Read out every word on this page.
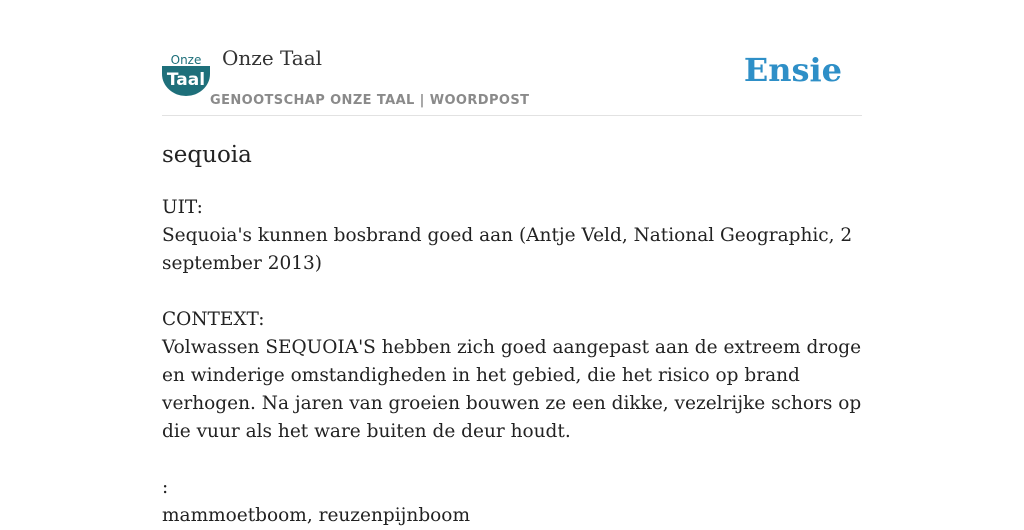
Onze
Taal
Onze Taal
GENOOTSCHAP ONZE TAAL | WOORDPOST
Ensie
sequoia

UIT:

Sequoia's kunnen bosbrand goed aan (Antje Veld, National Geographic, 2 september 2013)

CONTEXT:

Volwassen SEQUOIA'S hebben zich goed aangepast aan de extreem droge en winderige omstandigheden in het gebied, die het risico op brand verhogen. Na jaren van groeien bouwen ze een dikke, vezelrijke schors op die vuur als het ware buiten de deur houdt.

:

mammoetboom, reuzenpijnboom
